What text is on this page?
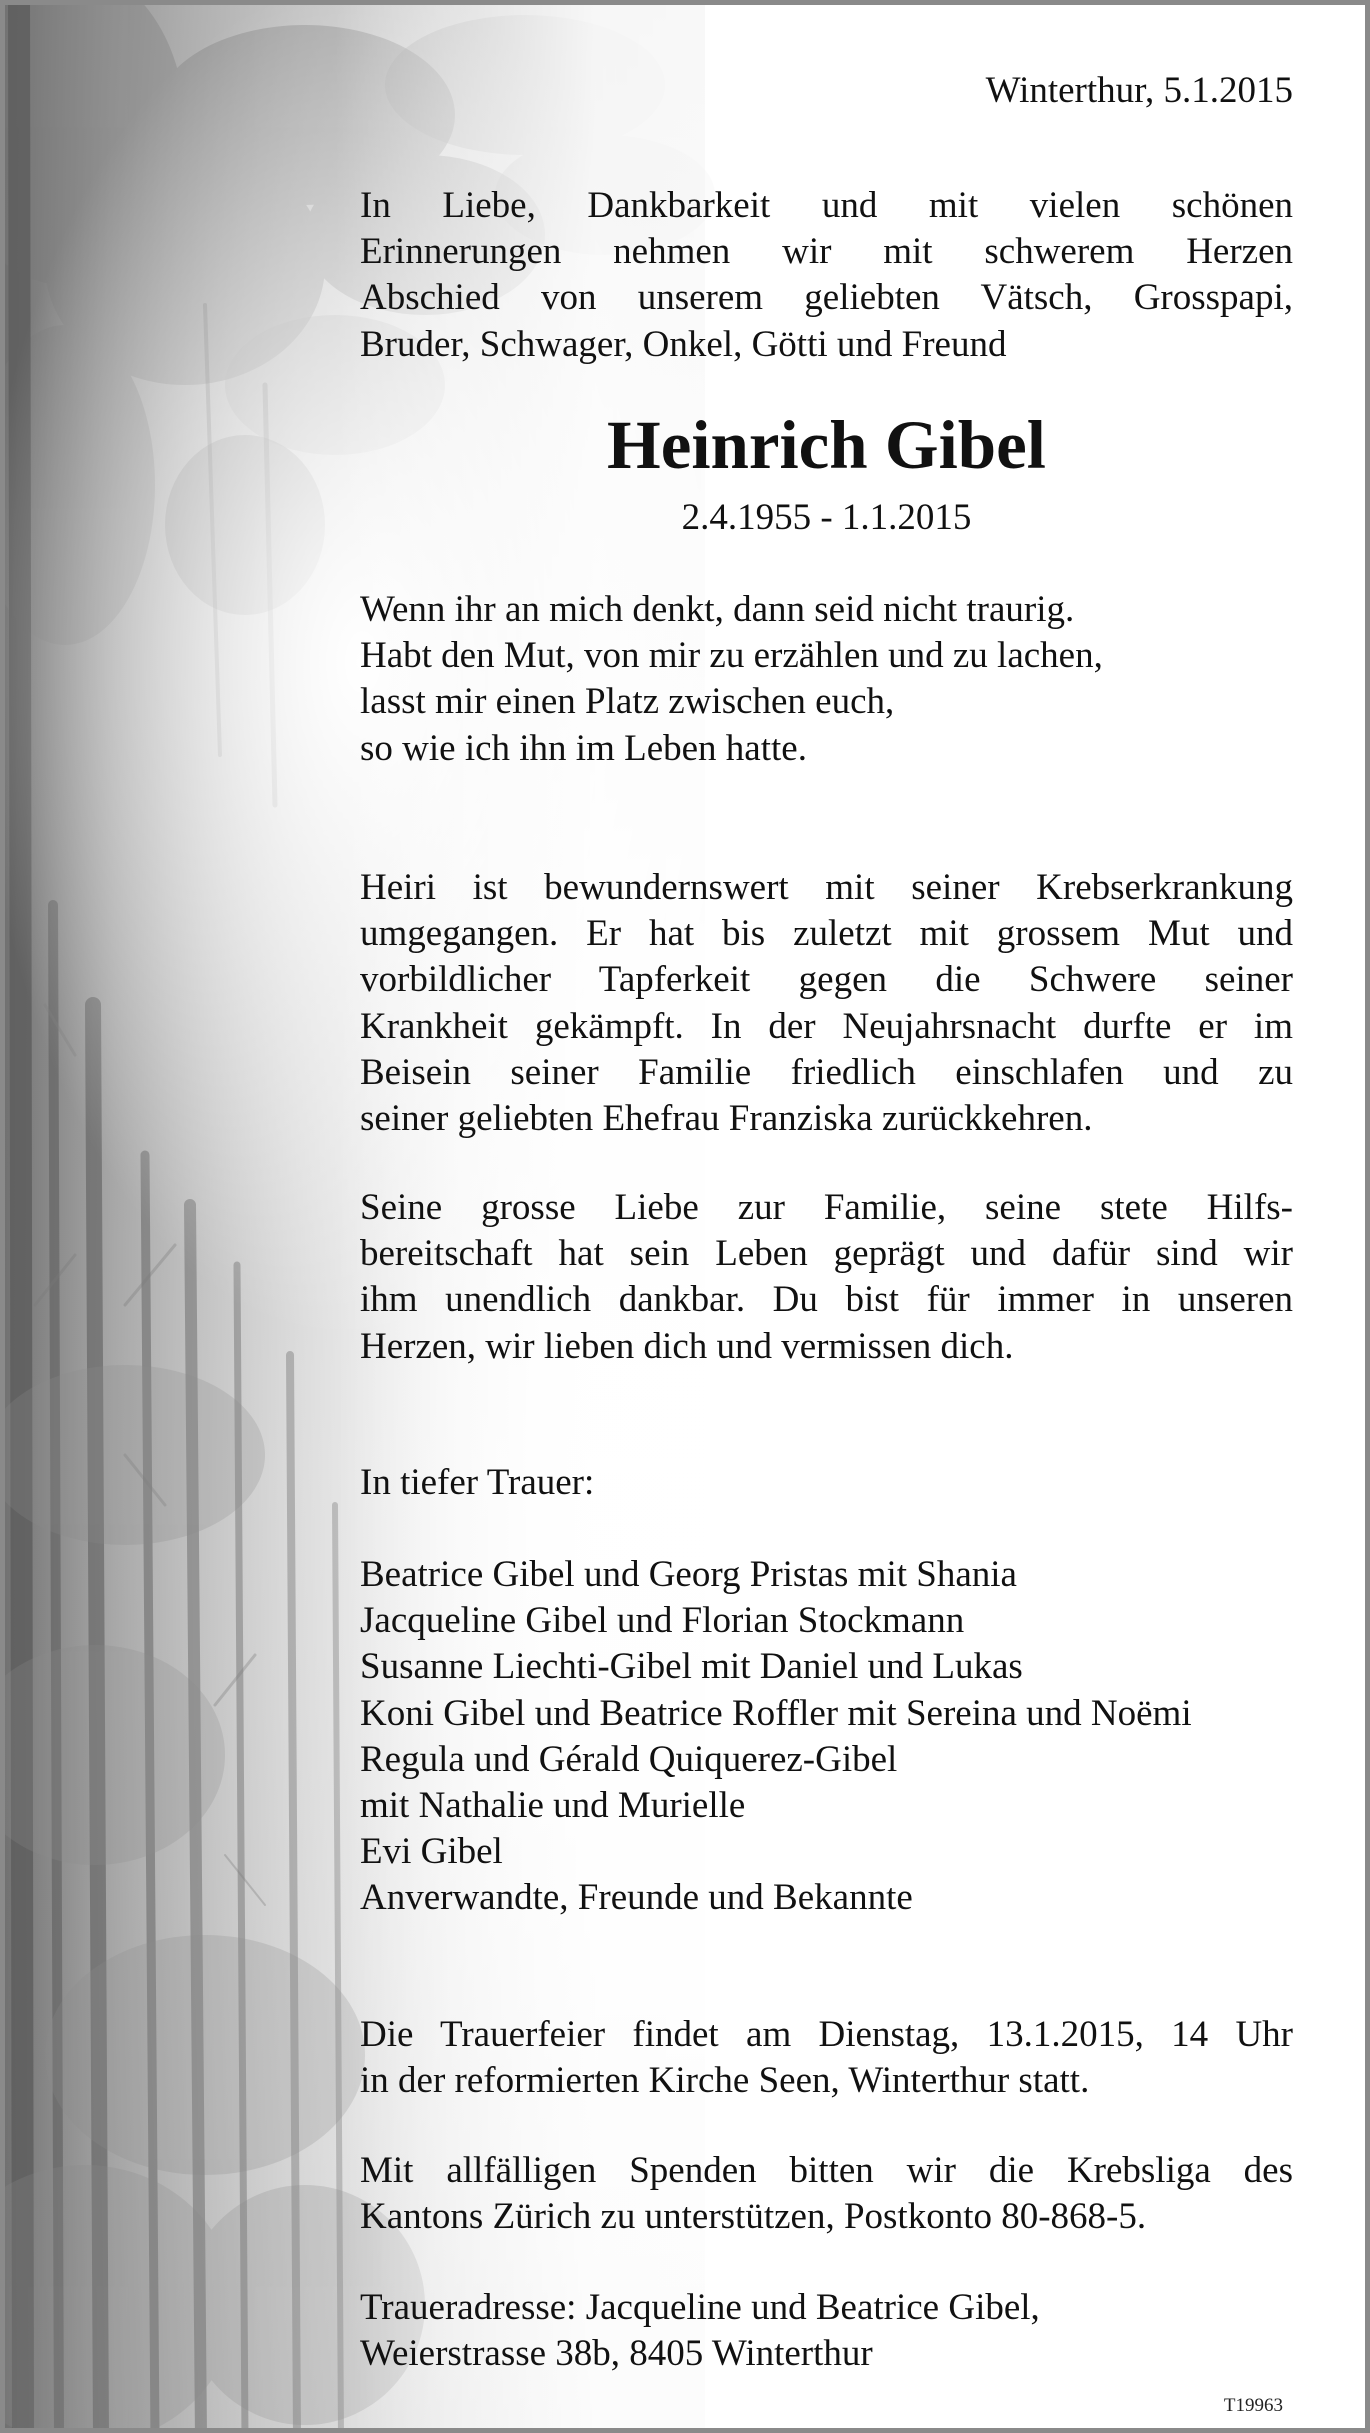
Winterthur, 5.1.2015
In Liebe, Dankbarkeit und mit vielen schönen
Erinnerungen nehmen wir mit schwerem Herzen
Abschied von unserem geliebten Vätsch, Grosspapi,
Bruder, Schwager, Onkel, Götti und Freund
Heinrich Gibel
2.4.1955 - 1.1.2015
Wenn ihr an mich denkt, dann seid nicht traurig.
Habt den Mut, von mir zu erzählen und zu lachen,
lasst mir einen Platz zwischen euch,
so wie ich ihn im Leben hatte.
Heiri ist bewundernswert mit seiner Krebserkrankung
umgegangen. Er hat bis zuletzt mit grossem Mut und
vorbildlicher Tapferkeit gegen die Schwere seiner
Krankheit gekämpft. In der Neujahrsnacht durfte er im
Beisein seiner Familie friedlich einschlafen und zu
seiner geliebten Ehefrau Franziska zurückkehren.
Seine grosse Liebe zur Familie, seine stete Hilfs-
bereitschaft hat sein Leben geprägt und dafür sind wir
ihm unendlich dankbar. Du bist für immer in unseren
Herzen, wir lieben dich und vermissen dich.
In tiefer Trauer:
Beatrice Gibel und Georg Pristas mit Shania
Jacqueline Gibel und Florian Stockmann
Susanne Liechti-Gibel mit Daniel und Lukas
Koni Gibel und Beatrice Roffler mit Sereina und Noëmi
Regula und Gérald Quiquerez-Gibel
mit Nathalie und Murielle
Evi Gibel
Anverwandte, Freunde und Bekannte
Die Trauerfeier findet am Dienstag, 13.1.2015, 14 Uhr
in der reformierten Kirche Seen, Winterthur statt.
Mit allfälligen Spenden bitten wir die Krebsliga des
Kantons Zürich zu unterstützen, Postkonto 80-868-5.
Traueradresse: Jacqueline und Beatrice Gibel,
Weierstrasse 38b, 8405 Winterthur
T19963
